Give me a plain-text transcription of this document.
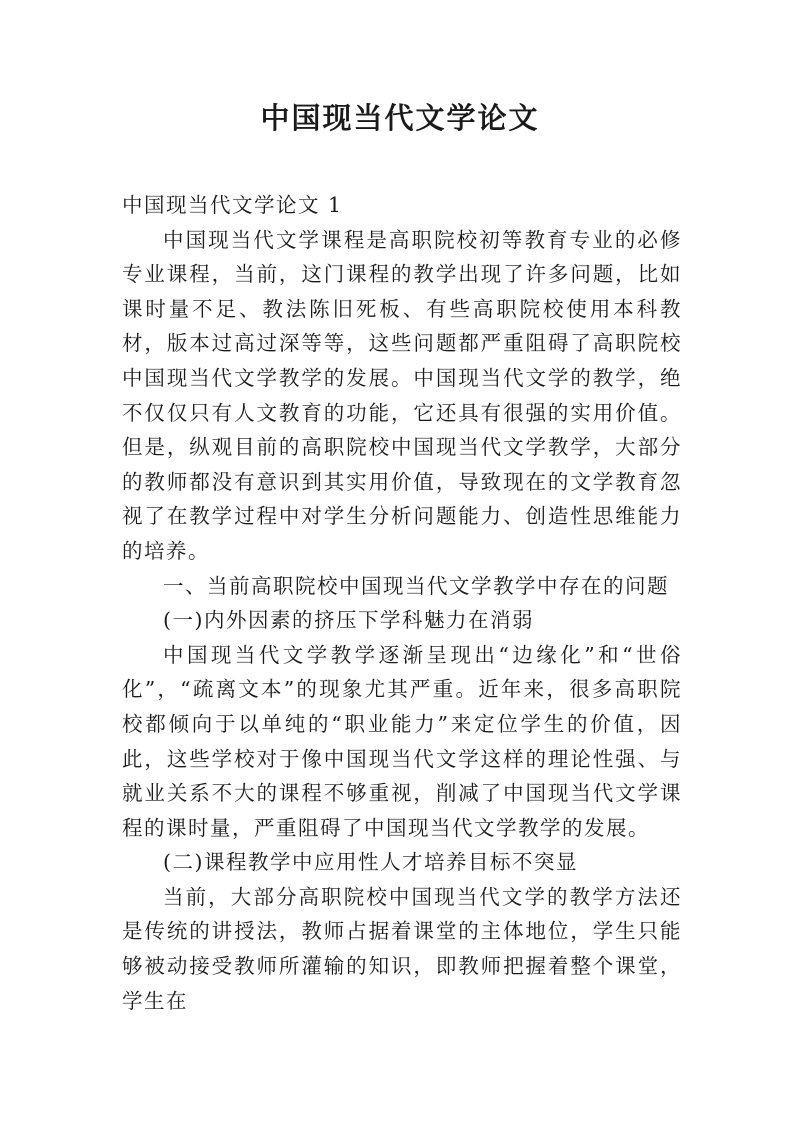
中国现当代文学论文

中国现当代文学论文 1

中国现当代文学课程是高职院校初等教育专业的必修专业课程，当前，这门课程的教学出现了许多问题，比如课时量不足、教法陈旧死板、有些高职院校使用本科教材，版本过高过深等等，这些问题都严重阻碍了高职院校中国现当代文学教学的发展。中国现当代文学的教学，绝不仅仅只有人文教育的功能，它还具有很强的实用价值。但是，纵观目前的高职院校中国现当代文学教学，大部分的教师都没有意识到其实用价值，导致现在的文学教育忽视了在教学过程中对学生分析问题能力、创造性思维能力的培养。

一、当前高职院校中国现当代文学教学中存在的问题

(一)内外因素的挤压下学科魅力在消弱

中国现当代文学教学逐渐呈现出“边缘化”和“世俗化”，“疏离文本”的现象尤其严重。近年来，很多高职院校都倾向于以单纯的“职业能力”来定位学生的价值，因此，这些学校对于像中国现当代文学这样的理论性强、与就业关系不大的课程不够重视，削减了中国现当代文学课程的课时量，严重阻碍了中国现当代文学教学的发展。

(二)课程教学中应用性人才培养目标不突显

当前，大部分高职院校中国现当代文学的教学方法还是传统的讲授法，教师占据着课堂的主体地位，学生只能够被动接受教师所灌输的知识，即教师把握着整个课堂，学生在
